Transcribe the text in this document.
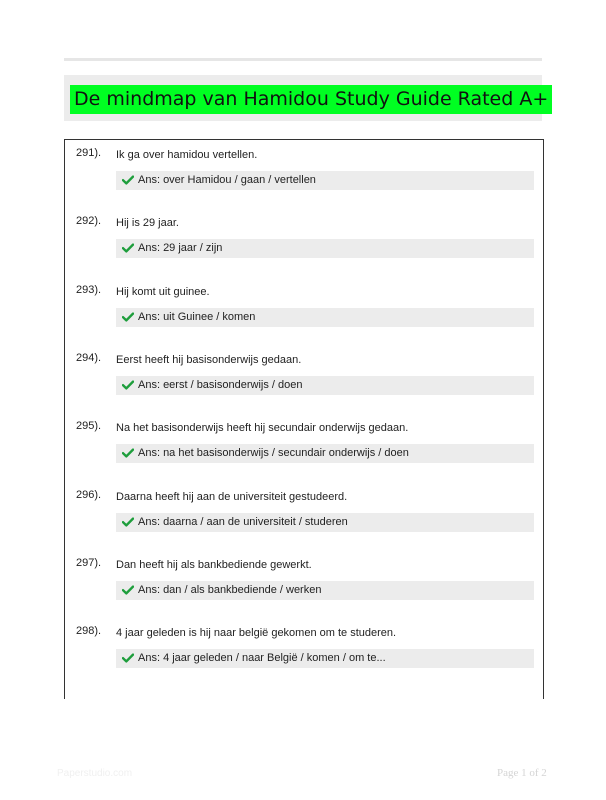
De mindmap van Hamidou Study Guide Rated A+
291). Ik ga over hamidou vertellen.
Ans: over Hamidou / gaan / vertellen
292). Hij is 29 jaar.
Ans: 29 jaar / zijn
293). Hij komt uit guinee.
Ans: uit Guinee / komen
294). Eerst heeft hij basisonderwijs gedaan.
Ans: eerst / basisonderwijs / doen
295). Na het basisonderwijs heeft hij secundair onderwijs gedaan.
Ans: na het basisonderwijs / secundair onderwijs / doen
296). Daarna heeft hij aan de universiteit gestudeerd.
Ans: daarna / aan de universiteit / studeren
297). Dan heeft hij als bankbediende gewerkt.
Ans: dan / als bankbediende / werken
298). 4 jaar geleden is hij naar belgië gekomen om te studeren.
Ans: 4 jaar geleden / naar België / komen / om te...
Paperstudio.com	Page 1 of 2
